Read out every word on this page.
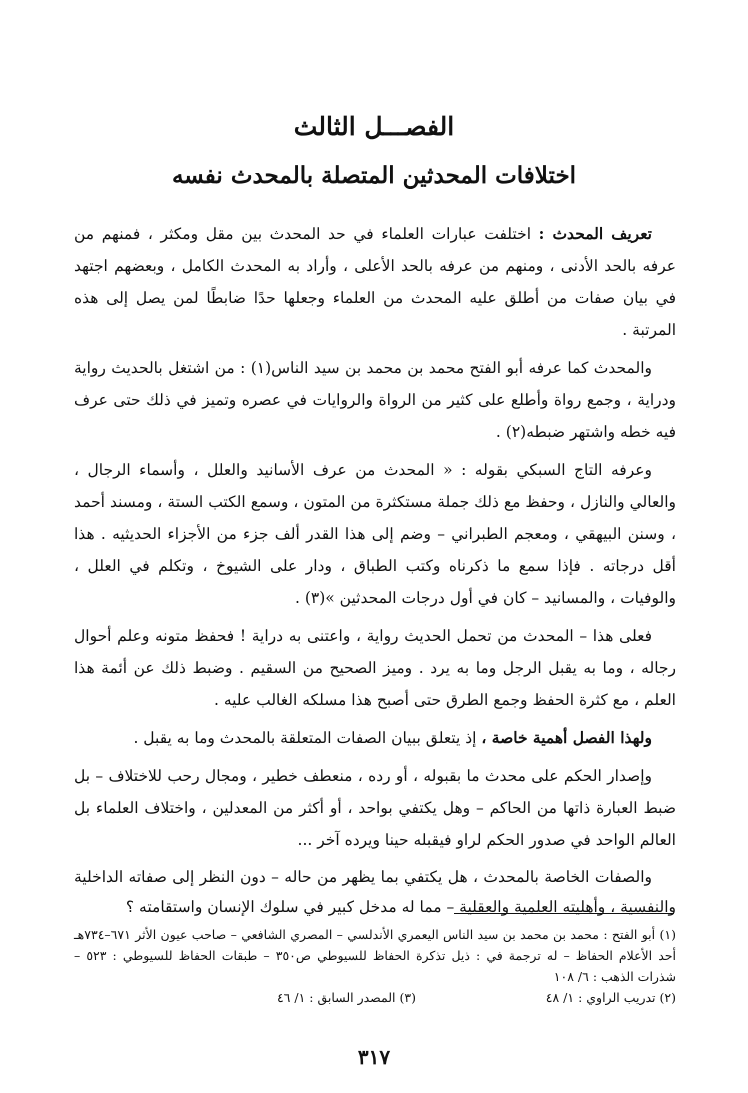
الفصـــل الثالث
اختلافات المحدثين المتصلة بالمحدث نفسه

تعريف المحدث : اختلفت عبارات العلماء في حد المحدث بين مقل ومكثر ، فمنهم من عرفه بالحد الأدنى ، ومنهم من عرفه بالحد الأعلى ، وأراد به المحدث الكامل ، وبعضهم اجتهد في بيان صفات من أطلق عليه المحدث من العلماء وجعلها حدًا ضابطًا لمن يصل إلى هذه المرتبة .

والمحدث كما عرفه أبو الفتح محمد بن محمد بن سيد الناس(١) : من اشتغل بالحديث رواية ودراية ، وجمع رواة وأطلع على كثير من الرواة والروايات في عصره وتميز في ذلك حتى عرف فيه خطه واشتهر ضبطه(٢) .

وعرفه التاج السبكي بقوله : « المحدث من عرف الأسانيد والعلل ، وأسماء الرجال ، والعالي والنازل ، وحفظ مع ذلك جملة مستكثرة من المتون ، وسمع الكتب الستة ، ومسند أحمد ، وسنن البيهقي ، ومعجم الطبراني – وضم إلى هذا القدر ألف جزء من الأجزاء الحديثيه . هذا أقل درجاته . فإذا سمع ما ذكرناه وكتب الطباق ، ودار على الشيوخ ، وتكلم في العلل ، والوفيات ، والمسانيد – كان في أول درجات المحدثين »(٣) .

فعلى هذا – المحدث من تحمل الحديث رواية ، واعتنى به دراية ! فحفظ متونه وعلم أحوال رجاله ، وما به يقبل الرجل وما به يرد . وميز الصحيح من السقيم . وضبط ذلك عن أئمة هذا العلم ، مع كثرة الحفظ وجمع الطرق حتى أصبح هذا مسلكه الغالب عليه .

ولهذا الفصل أهمية خاصة ، إذ يتعلق ببيان الصفات المتعلقة بالمحدث وما به يقبل .

وإصدار الحكم على محدث ما بقبوله ، أو رده ، منعطف خطير ، ومجال رحب للاختلاف – بل ضبط العبارة ذاتها من الحاكم – وهل يكتفي بواحد ، أو أكثر من المعدلين ، واختلاف العلماء بل العالم الواحد في صدور الحكم لراو فيقبله حينا ويرده آخر ...

والصفات الخاصة بالمحدث ، هل يكتفي بما يظهر من حاله – دون النظر إلى صفاته الداخلية والنفسية ، وأهليته العلمية والعقلية – مما له مدخل كبير في سلوك الإنسان واستقامته ؟

(١) أبو الفتح : محمد بن محمد بن سيد الناس اليعمري الأندلسي – المصري الشافعي – صاحب عيون الأثر ٦٧١–٧٣٤هـ أحد الأعلام الحفاظ – له ترجمة في : ذيل تذكرة الحفاظ للسيوطي ص٣٥٠ – طبقات الحفاظ للسيوطي : ٥٢٣ – شذرات الذهب : ٦/ ١٠٨

(٢) تدريب الراوي : ١/ ٤٨
(٣) المصدر السابق : ١/ ٤٦
٣١٧
